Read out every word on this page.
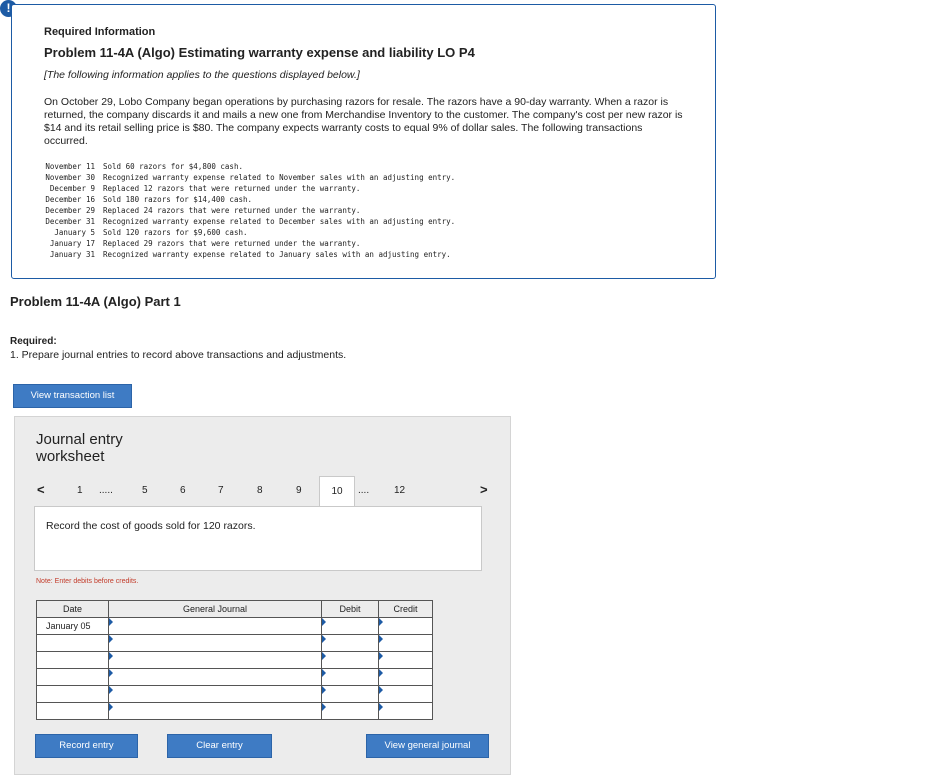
!
Required Information
Problem 11-4A (Algo) Estimating warranty expense and liability LO P4
[The following information applies to the questions displayed below.]
On October 29, Lobo Company began operations by purchasing razors for resale. The razors have a 90-day warranty. When a razor is returned, the company discards it and mails a new one from Merchandise Inventory to the customer. The company's cost per new razor is $14 and its retail selling price is $80. The company expects warranty costs to equal 9% of dollar sales. The following transactions occurred.
November 11	Sold 60 razors for $4,800 cash.
November 30	Recognized warranty expense related to November sales with an adjusting entry.
December 9	Replaced 12 razors that were returned under the warranty.
December 16	Sold 180 razors for $14,400 cash.
December 29	Replaced 24 razors that were returned under the warranty.
December 31	Recognized warranty expense related to December sales with an adjusting entry.
January 5	Sold 120 razors for $9,600 cash.
January 17	Replaced 29 razors that were returned under the warranty.
January 31	Recognized warranty expense related to January sales with an adjusting entry.
Problem 11-4A (Algo) Part 1
Required:
1. Prepare journal entries to record above transactions and adjustments.
View transaction list
Journal entry
worksheet
<	1 .....	5	6	7	8	9	10	.... 12	>
Record the cost of goods sold for 120 razors.
Note: Enter debits before credits.
Date	General Journal	Debit	Credit
January 05	

Record entry	Clear entry	View general journal
